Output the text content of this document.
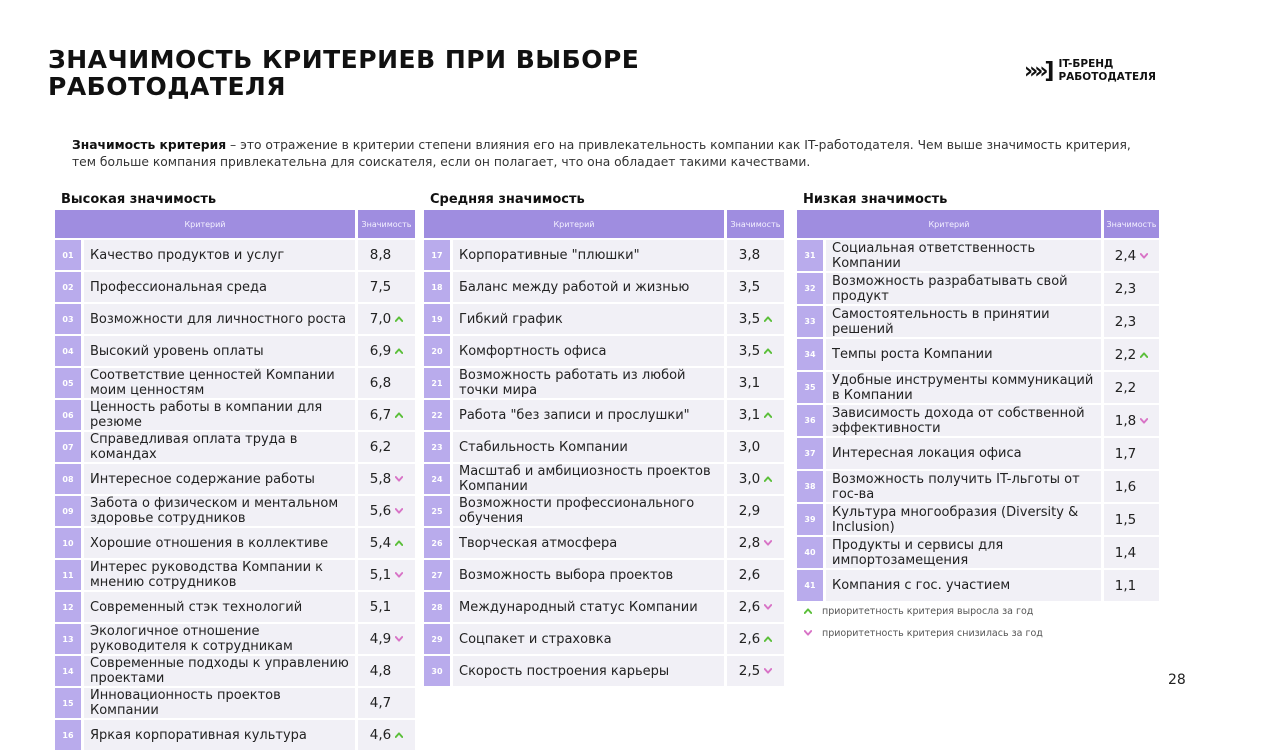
ЗНАЧИМОСТЬ КРИТЕРИЕВ ПРИ ВЫБОРЕ РАБОТОДАТЕЛЯ
»»] IT-БРЕНД
РАБОТОДАТЕЛЯ

Значимость критерия – это отражение в критерии степени влияния его на привлекательность компании как IT-работодателя. Чем выше значимость критерия, тем больше компания привлекательна для соискателя, если он полагает, что она обладает такими качествами.

Высокая значимость
Критерий	Значимость
01	Качество продуктов и услуг	8,8
02	Профессиональная среда	7,5
03	Возможности для личностного роста	7,0
04	Высокий уровень оплаты	6,9
05	Соответствие ценностей Компании моим ценностям	6,8
06	Ценность работы в компании для резюме	6,7
07	Справедливая оплата труда в командах	6,2
08	Интересное содержание работы	5,8
09	Забота о физическом и ментальном здоровье сотрудников	5,6
10	Хорошие отношения в коллективе	5,4
11	Интерес руководства Компании к мнению сотрудников	5,1
12	Современный стэк технологий	5,1
13	Экологичное отношение руководителя к сотрудникам	4,9
14	Современные подходы к управлению проектами	4,8
15	Инновационность проектов Компании	4,7
16	Яркая корпоративная культура	4,6
Средняя значимость
Критерий	Значимость
17	Корпоративные "плюшки"	3,8
18	Баланс между работой и жизнью	3,5
19	Гибкий график	3,5
20	Комфортность офиса	3,5
21	Возможность работать из любой точки мира	3,1
22	Работа "без записи и прослушки"	3,1
23	Стабильность Компании	3,0
24	Масштаб и амбициозность проектов Компании	3,0
25	Возможности профессионального обучения	2,9
26	Творческая атмосфера	2,8
27	Возможность выбора проектов	2,6
28	Международный статус Компании	2,6
29	Соцпакет и страховка	2,6
30	Скорость построения карьеры	2,5
Низкая значимость
Критерий	Значимость
31	Социальная ответственность Компании	2,4
32	Возможность разрабатывать свой продукт	2,3
33	Самостоятельность в принятии решений	2,3
34	Темпы роста Компании	2,2
35	Удобные инструменты коммуникаций в Компании	2,2
36	Зависимость дохода от собственной эффективности	1,8
37	Интересная локация офиса	1,7
38	Возможность получить IT-льготы от гос-ва	1,6
39	Культура многообразия (Diversity & Inclusion)	1,5
40	Продукты и сервисы для импортозамещения	1,4
41	Компания с гос. участием	1,1
приоритетность критерия выросла за год
приоритетность критерия снизилась за год
28
